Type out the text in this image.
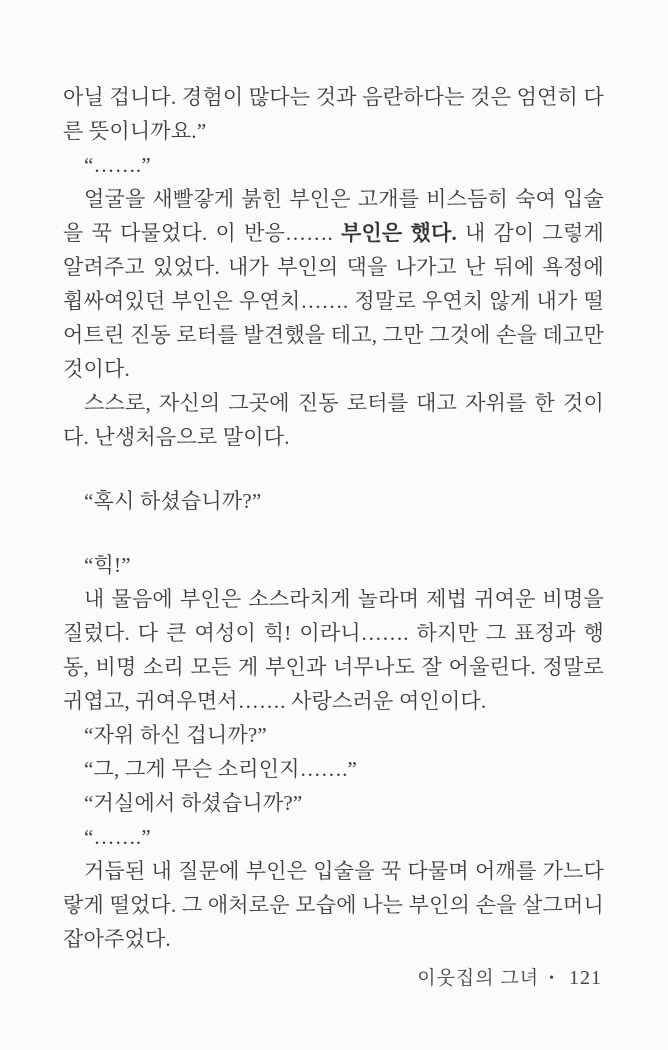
아닐 겁니다. 경험이 많다는 것과 음란하다는 것은 엄연히 다른 뜻이니까요.”

“…….”

얼굴을 새빨갛게 붉힌 부인은 고개를 비스듬히 숙여 입술을 꾹 다물었다. 이 반응……. 부인은 했다. 내 감이 그렇게 알려주고 있었다. 내가 부인의 댁을 나가고 난 뒤에 욕정에 휩싸여있던 부인은 우연치……. 정말로 우연치 않게 내가 떨어트린 진동 로터를 발견했을 테고, 그만 그것에 손을 데고만 것이다.

스스로, 자신의 그곳에 진동 로터를 대고 자위를 한 것이다. 난생처음으로 말이다.

“혹시 하셨습니까?”

“힉!”

내 물음에 부인은 소스라치게 놀라며 제법 귀여운 비명을 질렀다. 다 큰 여성이 힉! 이라니……. 하지만 그 표정과 행동, 비명 소리 모든 게 부인과 너무나도 잘 어울린다. 정말로 귀엽고, 귀여우면서……. 사랑스러운 여인이다.

“자위 하신 겁니까?”

“그, 그게 무슨 소리인지…….”

“거실에서 하셨습니까?”

“…….”

거듭된 내 질문에 부인은 입술을 꾹 다물며 어깨를 가느다랗게 떨었다. 그 애처로운 모습에 나는 부인의 손을 살그머니 잡아주었다.

이웃집의 그녀 • 121
